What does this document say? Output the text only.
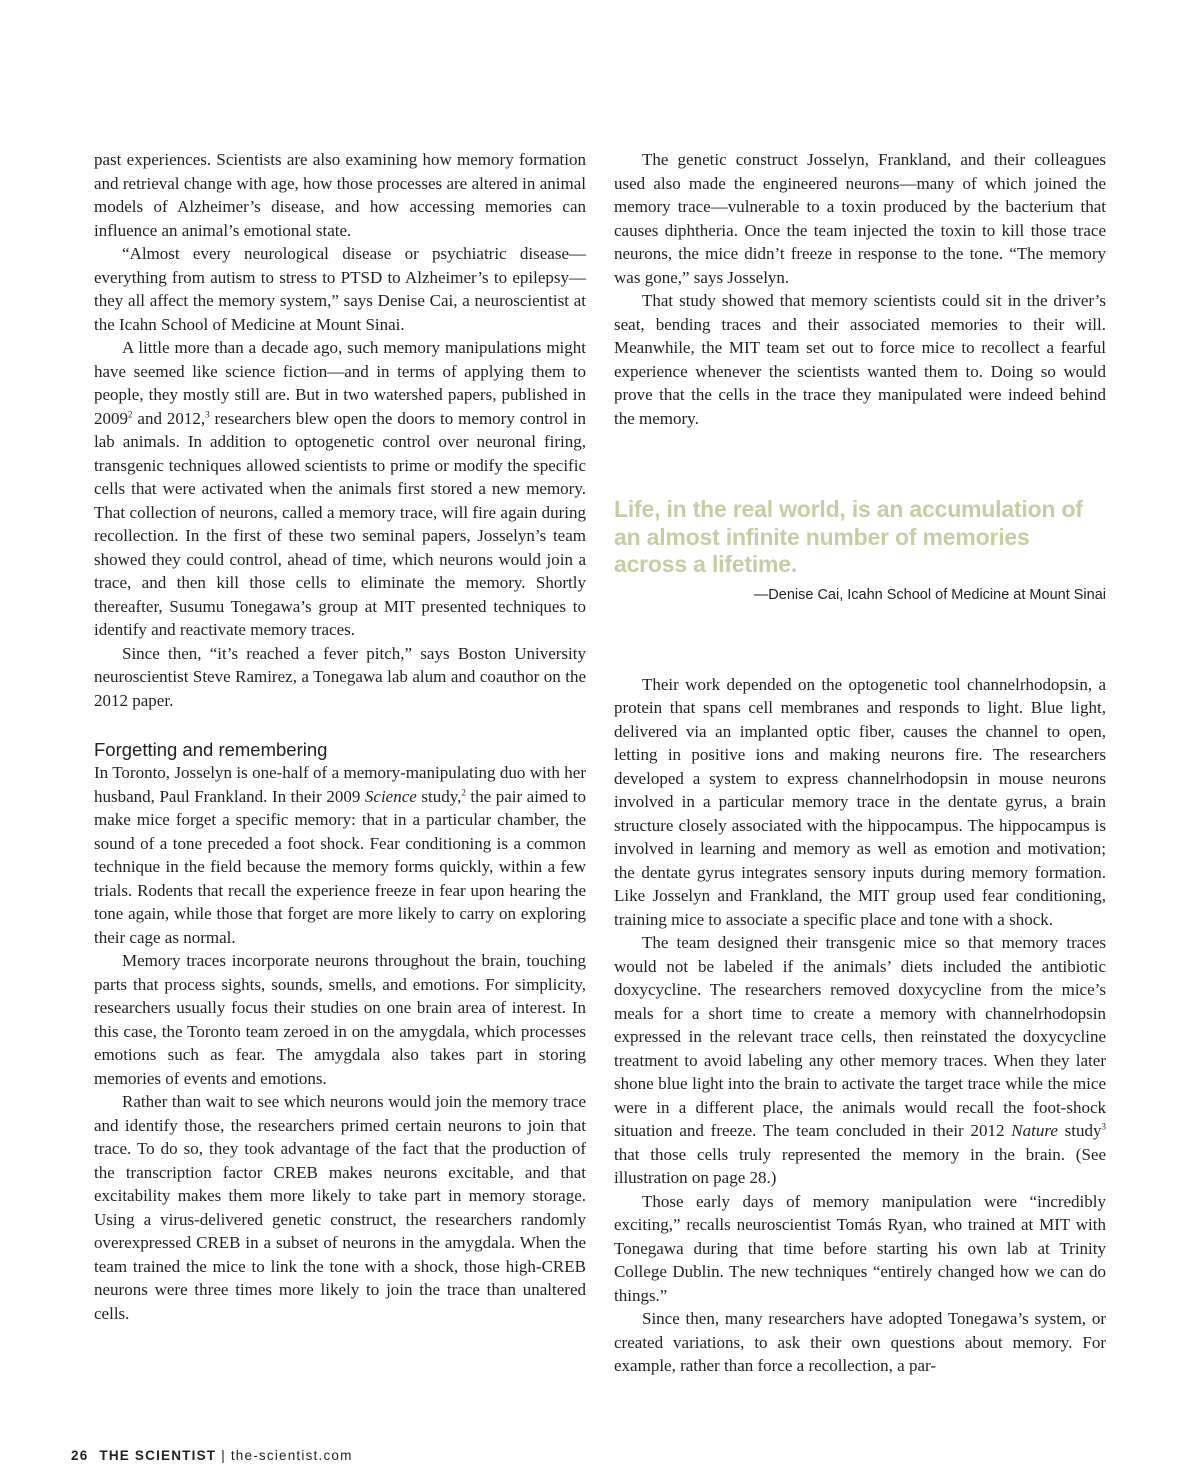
past experiences. Scientists are also examining how memory formation and retrieval change with age, how those processes are altered in animal models of Alzheimer’s disease, and how accessing memories can influence an animal’s emotional state.

“Almost every neurological disease or psychiatric disease—everything from autism to stress to PTSD to Alzheimer’s to epilepsy—they all affect the memory system,” says Denise Cai, a neuroscientist at the Icahn School of Medicine at Mount Sinai.

A little more than a decade ago, such memory manipulations might have seemed like science fiction—and in terms of applying them to people, they mostly still are. But in two watershed papers, published in 2009$^2$ and 2012,$^3$ researchers blew open the doors to memory control in lab animals. In addition to optogenetic control over neuronal firing, transgenic techniques allowed scientists to prime or modify the specific cells that were activated when the animals first stored a new memory. That collection of neurons, called a memory trace, will fire again during recollection. In the first of these two seminal papers, Josselyn’s team showed they could control, ahead of time, which neurons would join a trace, and then kill those cells to eliminate the memory. Shortly thereafter, Susumu Tonegawa’s group at MIT presented techniques to identify and reactivate memory traces.

Since then, “it’s reached a fever pitch,” says Boston University neuroscientist Steve Ramirez, a Tonegawa lab alum and coauthor on the 2012 paper.

Forgetting and remembering

In Toronto, Josselyn is one-half of a memory-manipulating duo with her husband, Paul Frankland. In their 2009 Science study,$^2$ the pair aimed to make mice forget a specific memory: that in a particular chamber, the sound of a tone preceded a foot shock. Fear conditioning is a common technique in the field because the memory forms quickly, within a few trials. Rodents that recall the experience freeze in fear upon hearing the tone again, while those that forget are more likely to carry on exploring their cage as normal.

Memory traces incorporate neurons throughout the brain, touching parts that process sights, sounds, smells, and emotions. For simplicity, researchers usually focus their studies on one brain area of interest. In this case, the Toronto team zeroed in on the amygdala, which processes emotions such as fear. The amygdala also takes part in storing memories of events and emotions.

Rather than wait to see which neurons would join the memory trace and identify those, the researchers primed certain neurons to join that trace. To do so, they took advantage of the fact that the production of the transcription factor CREB makes neurons excitable, and that excitability makes them more likely to take part in memory storage. Using a virus-delivered genetic construct, the researchers randomly overexpressed CREB in a subset of neurons in the amygdala. When the team trained the mice to link the tone with a shock, those high-CREB neurons were three times more likely to join the trace than unaltered cells.

The genetic construct Josselyn, Frankland, and their colleagues used also made the engineered neurons—many of which joined the memory trace—vulnerable to a toxin produced by the bacterium that causes diphtheria. Once the team injected the toxin to kill those trace neurons, the mice didn’t freeze in response to the tone. “The memory was gone,” says Josselyn.

That study showed that memory scientists could sit in the driver’s seat, bending traces and their associated memories to their will. Meanwhile, the MIT team set out to force mice to recollect a fearful experience whenever the scientists wanted them to. Doing so would prove that the cells in the trace they manipulated were indeed behind the memory.

Life, in the real world, is an accumulation of an almost infinite number of memories across a lifetime.
—Denise Cai, Icahn School of Medicine at Mount Sinai

Their work depended on the optogenetic tool channelrhodopsin, a protein that spans cell membranes and responds to light. Blue light, delivered via an implanted optic fiber, causes the channel to open, letting in positive ions and making neurons fire. The researchers developed a system to express channelrhodopsin in mouse neurons involved in a particular memory trace in the dentate gyrus, a brain structure closely associated with the hippocampus. The hippocampus is involved in learning and memory as well as emotion and motivation; the dentate gyrus integrates sensory inputs during memory formation. Like Josselyn and Frankland, the MIT group used fear conditioning, training mice to associate a specific place and tone with a shock.

The team designed their transgenic mice so that memory traces would not be labeled if the animals’ diets included the antibiotic doxycycline. The researchers removed doxycycline from the mice’s meals for a short time to create a memory with channelrhodopsin expressed in the relevant trace cells, then reinstated the doxycycline treatment to avoid labeling any other memory traces. When they later shone blue light into the brain to activate the target trace while the mice were in a different place, the animals would recall the foot-shock situation and freeze. The team concluded in their 2012 Nature study$^3$ that those cells truly represented the memory in the brain. (See illustration on page 28.)

Those early days of memory manipulation were “incredibly exciting,” recalls neuroscientist Tomás Ryan, who trained at MIT with Tonegawa during that time before starting his own lab at Trinity College Dublin. The new techniques “entirely changed how we can do things.”

Since then, many researchers have adopted Tonegawa’s system, or created variations, to ask their own questions about memory. For example, rather than force a recollection, a par-

26 THE SCIENTIST | the-scientist.com
